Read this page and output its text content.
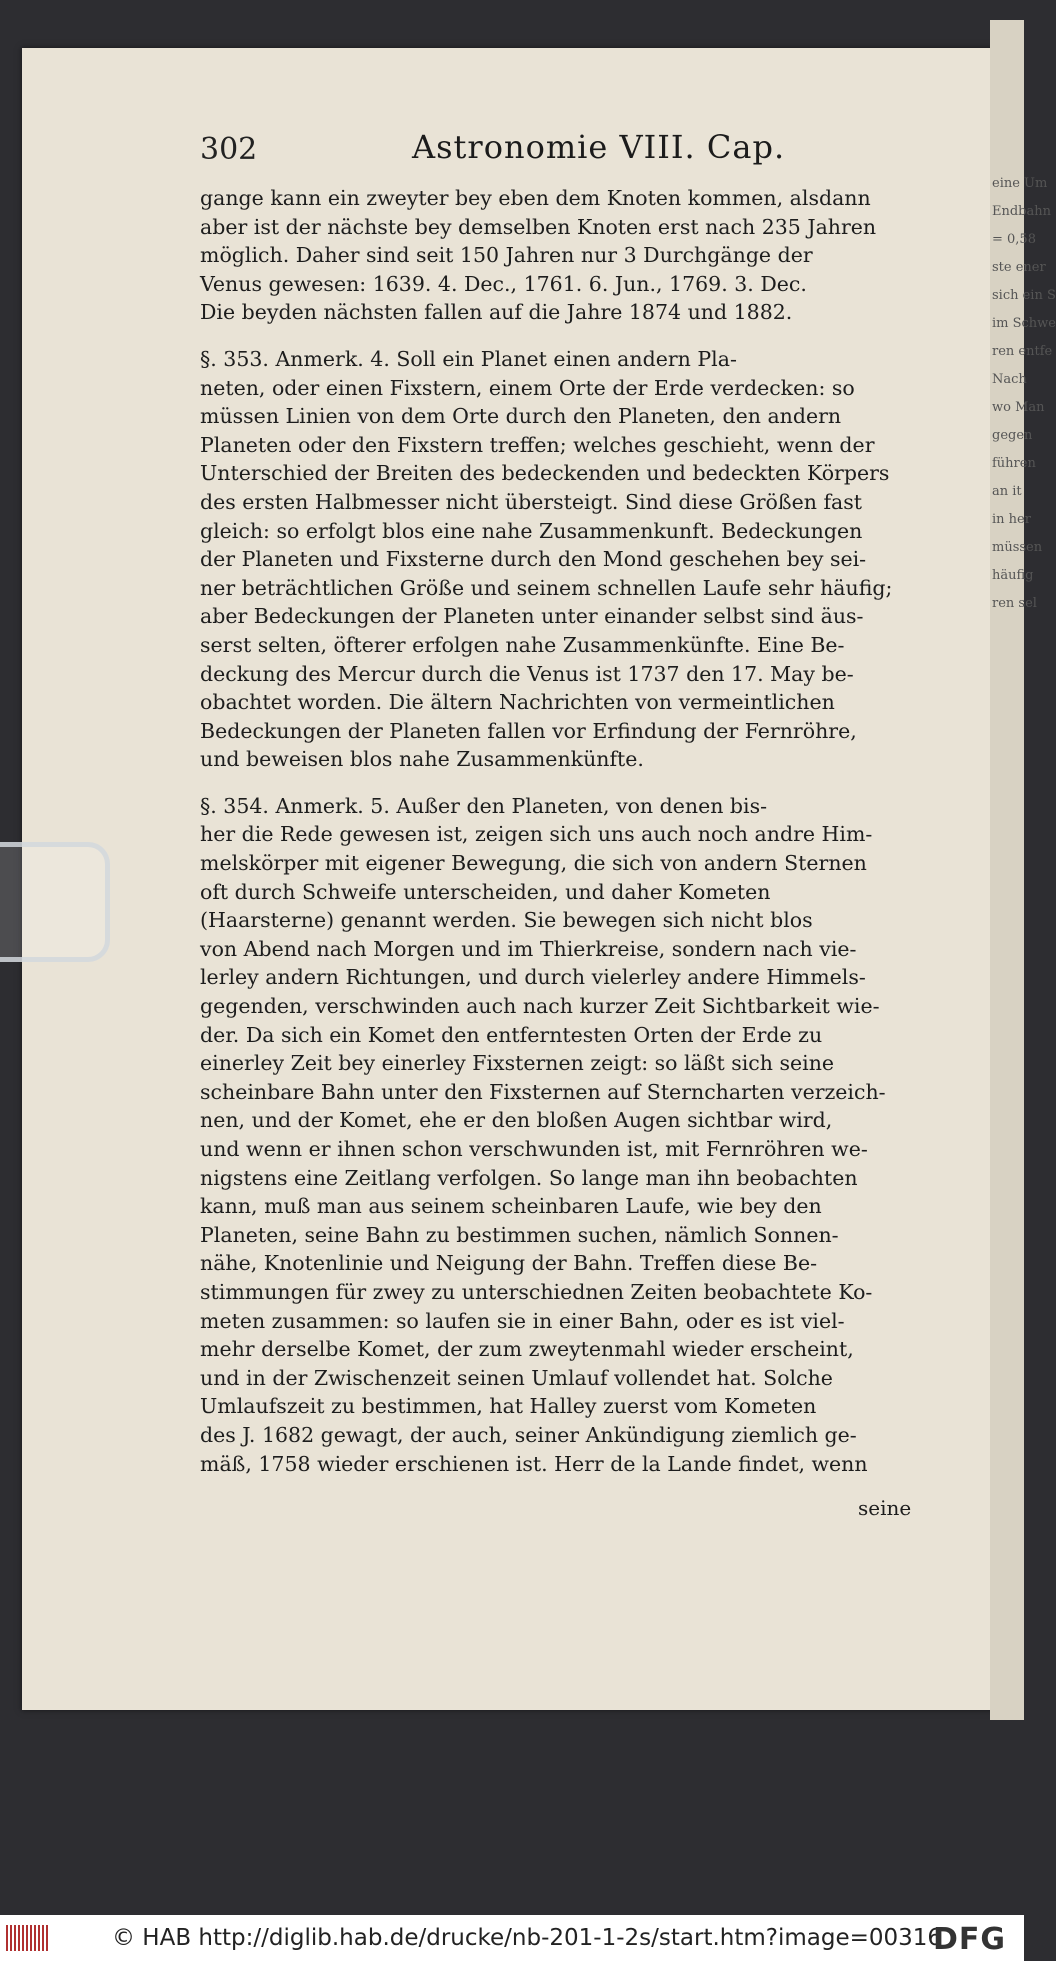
eine Um
Endbahn
= 0,58
ste ener
sich ein S
im Schwe
ren entfe
Nach
wo Man
gegen
führen
an it
in her
müssen
häufig
ren sel
302	Astronomie VIII. Cap.
gange kann ein zweyter bey eben dem Knoten kommen, alsdann
aber ist der nächste bey demselben Knoten erst nach 235 Jahren
möglich. Daher sind seit 150 Jahren nur 3 Durchgänge der
Venus gewesen: 1639. 4. Dec., 1761. 6. Jun., 1769. 3. Dec.
Die beyden nächsten fallen auf die Jahre 1874 und 1882.
§. 353. Anmerk. 4. Soll ein Planet einen andern Pla-
neten, oder einen Fixstern, einem Orte der Erde verdecken: so
müssen Linien von dem Orte durch den Planeten, den andern
Planeten oder den Fixstern treffen; welches geschieht, wenn der
Unterschied der Breiten des bedeckenden und bedeckten Körpers
des ersten Halbmesser nicht übersteigt. Sind diese Größen fast
gleich: so erfolgt blos eine nahe Zusammenkunft. Bedeckungen
der Planeten und Fixsterne durch den Mond geschehen bey sei-
ner beträchtlichen Größe und seinem schnellen Laufe sehr häufig;
aber Bedeckungen der Planeten unter einander selbst sind äus-
serst selten, öfterer erfolgen nahe Zusammenkünfte. Eine Be-
deckung des Mercur durch die Venus ist 1737 den 17. May be-
obachtet worden. Die ältern Nachrichten von vermeintlichen
Bedeckungen der Planeten fallen vor Erfindung der Fernröhre,
und beweisen blos nahe Zusammenkünfte.
§. 354. Anmerk. 5. Außer den Planeten, von denen bis-
her die Rede gewesen ist, zeigen sich uns auch noch andre Him-
melskörper mit eigener Bewegung, die sich von andern Sternen
oft durch Schweife unterscheiden, und daher Kometen
(Haarsterne) genannt werden. Sie bewegen sich nicht blos
von Abend nach Morgen und im Thierkreise, sondern nach vie-
lerley andern Richtungen, und durch vielerley andere Himmels-
gegenden, verschwinden auch nach kurzer Zeit Sichtbarkeit wie-
der. Da sich ein Komet den entferntesten Orten der Erde zu
einerley Zeit bey einerley Fixsternen zeigt: so läßt sich seine
scheinbare Bahn unter den Fixsternen auf Sterncharten verzeich-
nen, und der Komet, ehe er den bloßen Augen sichtbar wird,
und wenn er ihnen schon verschwunden ist, mit Fernröhren we-
nigstens eine Zeitlang verfolgen. So lange man ihn beobachten
kann, muß man aus seinem scheinbaren Laufe, wie bey den
Planeten, seine Bahn zu bestimmen suchen, nämlich Sonnen-
nähe, Knotenlinie und Neigung der Bahn. Treffen diese Be-
stimmungen für zwey zu unterschiednen Zeiten beobachtete Ko-
meten zusammen: so laufen sie in einer Bahn, oder es ist viel-
mehr derselbe Komet, der zum zweytenmahl wieder erscheint,
und in der Zwischenzeit seinen Umlauf vollendet hat. Solche
Umlaufszeit zu bestimmen, hat Halley zuerst vom Kometen
des J. 1682 gewagt, der auch, seiner Ankündigung ziemlich ge-
mäß, 1758 wieder erschienen ist. Herr de la Lande findet, wenn
seine
© HAB http://diglib.hab.de/drucke/nb-201-1-2s/start.htm?image=00316
DFG
